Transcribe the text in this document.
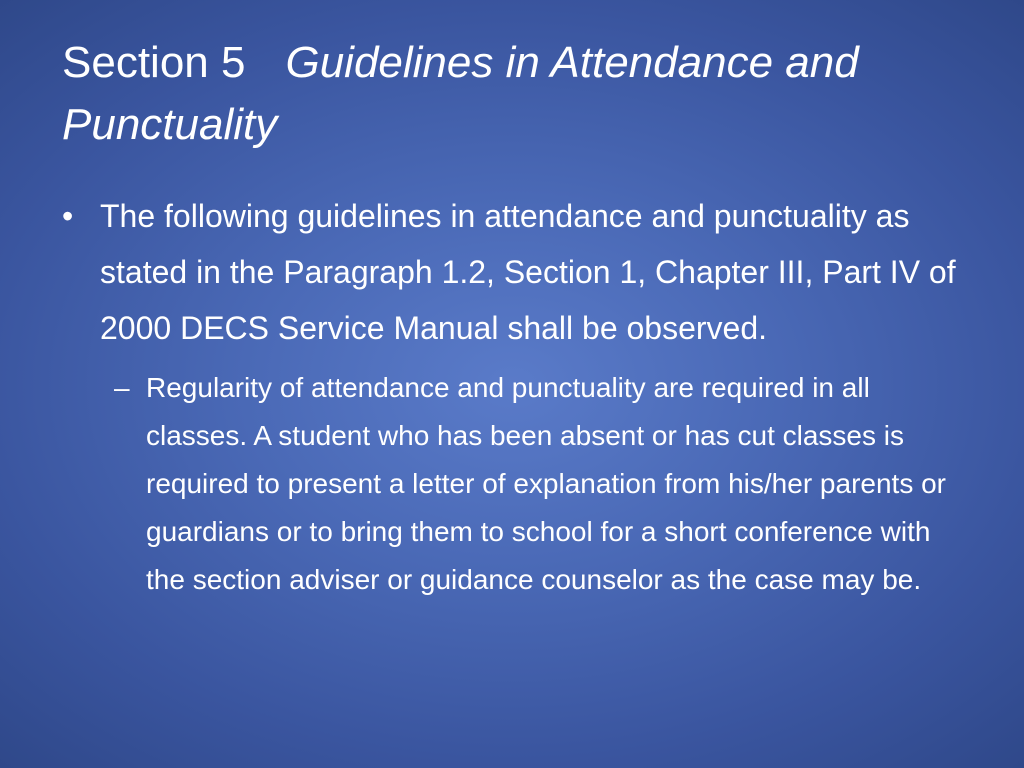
Section 5 Guidelines in Attendance and Punctuality

• The following guidelines in attendance and punctuality as stated in the Paragraph 1.2, Section 1, Chapter III, Part IV of 2000 DECS Service Manual shall be observed.

– Regularity of attendance and punctuality are required in all classes. A student who has been absent or has cut classes is required to present a letter of explanation from his/her parents or guardians or to bring them to school for a short conference with the section adviser or guidance counselor as the case may be.
